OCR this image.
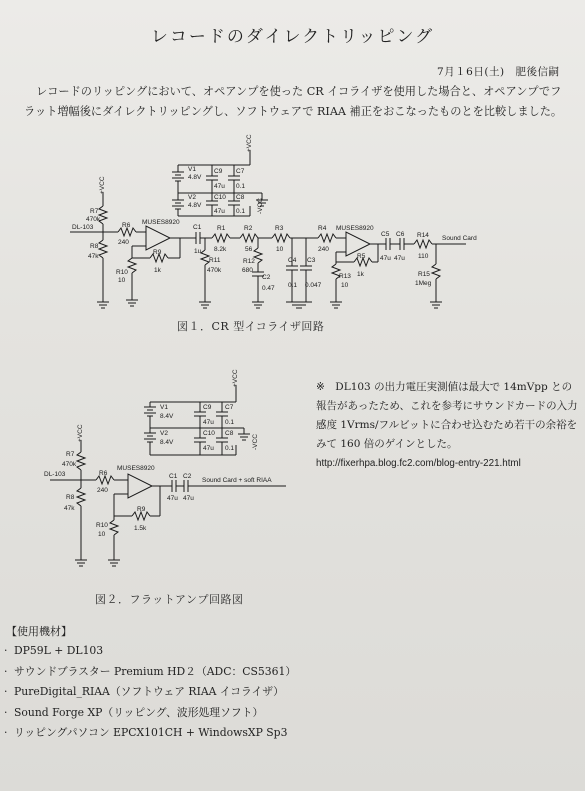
レコードのダイレクトリッピング
7月１6日(土)　肥後信嗣
レコードのリッピングにおいて、オペアンプを使った CR イコライザを使用した場合と、オペアンプでフラット増幅後にダイレクトリッピングし、ソフトウェアで RIAA 補正をおこなったものとを比較しました。
+VCC
-VCC
V1
4.8V
V2
4.8V
C9
47u
C7
0.1
C10
47u
C8
0.1
+VCC
R7
470k
DL-103
R8
47k
R6
240
R10
10
R9
1k
MUSES8920
C1
1u
R11
470k
R1
8.2k
R2
56
R12
680
C2
0.47
R3
10
C4
0.1
C3
0.047
R4
240
R13
10
R5
1k
MUSES8920
C5
47u
C6
47u
R14
110
R15
1Meg
Sound Card
図１．CR 型イコライザ回路
+VCC
-VCC
V1
8.4V
V2
8.4V
C9
47u
C7
0.1
C10
47u
C8
0.1
+VCC
R7
470k
DL-103
R8
47k
R6
240
R10
10
R9
1.5k
MUSES8920
C1
47u
C2
47u
Sound Card + soft RIAA
図２．フラットアンプ回路図
※　DL103 の出力電圧実測値は最大で 14mVpp との報告があったため、これを参考にサウンドカードの入力感度 1Vrms/フルビットに合わせ込むため若干の余裕をみて 160 倍のゲインとした。
http://fixerhpa.blog.fc2.com/blog-entry-221.html
【使用機材】
· DP59L + DL103
· サウンドブラスター Premium HD２（ADC：CS5361）
· PureDigital_RIAA（ソフトウェア RIAA イコライザ）
· Sound Forge XP（リッピング、波形処理ソフト）
· リッピングパソコン EPCX101CH + WindowsXP Sp3
